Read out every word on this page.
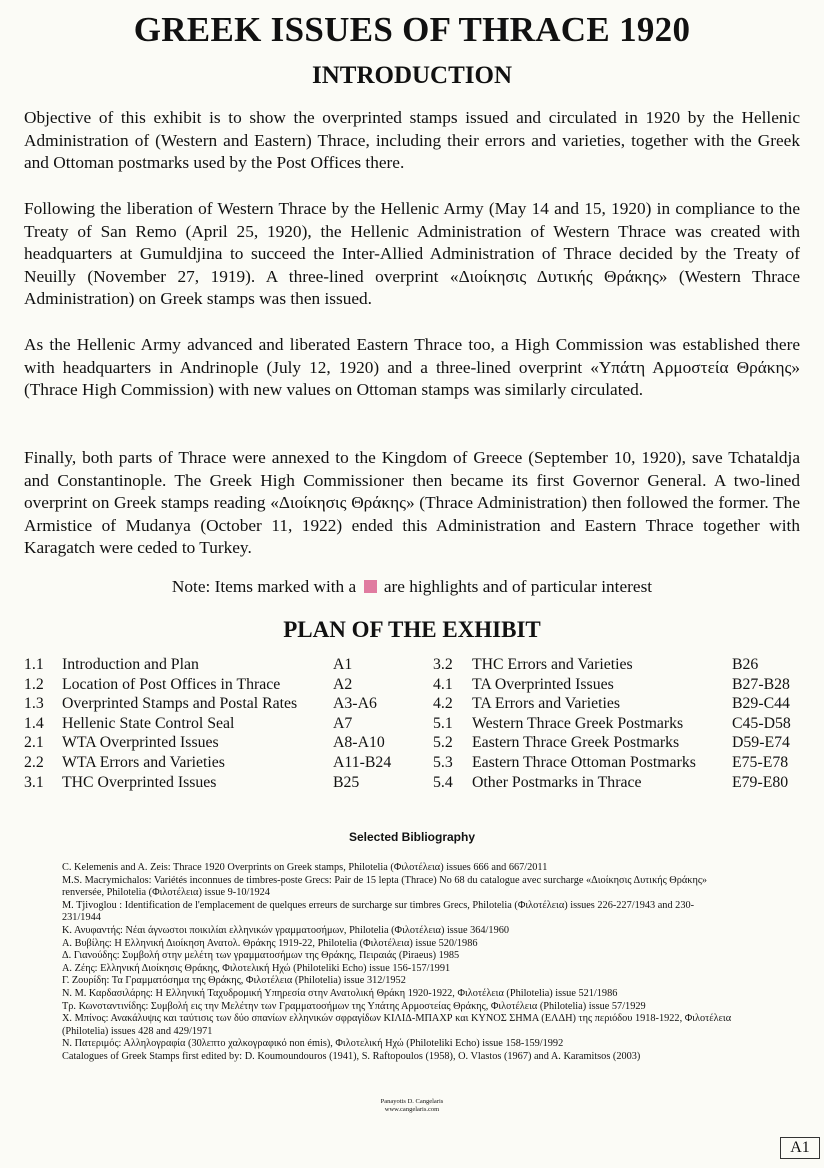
GREEK ISSUES OF THRACE 1920
INTRODUCTION
Objective of this exhibit is to show the overprinted stamps issued and circulated in 1920 by the Hellenic Administration of (Western and Eastern) Thrace, including their errors and varieties, together with the Greek and Ottoman postmarks used by the Post Offices there.
Following the liberation of Western Thrace by the Hellenic Army (May 14 and 15, 1920) in compliance to the Treaty of San Remo (April 25, 1920), the Hellenic Administration of Western Thrace was created with headquarters at Gumuldjina to succeed the Inter-Allied Administration of Thrace decided by the Treaty of Neuilly (November 27, 1919). A three-lined overprint «Διοίκησις Δυτικής Θράκης» (Western Thrace Administration) on Greek stamps was then issued.
As the Hellenic Army advanced and liberated Eastern Thrace too, a High Commission was established there with headquarters in Andrinople (July 12, 1920) and a three-lined overprint «Υπάτη Αρμοστεία Θράκης» (Thrace High Commission) with new values on Ottoman stamps was similarly circulated.
Finally, both parts of Thrace were annexed to the Kingdom of Greece (September 10, 1920), save Tchataldja and Constantinople. The Greek High Commissioner then became its first Governor General. A two-lined overprint on Greek stamps reading «Διοίκησις Θράκης» (Thrace Administration) then followed the former. The Armistice of Mudanya (October 11, 1922) ended this Administration and Eastern Thrace together with Karagatch were ceded to Turkey.
Note: Items marked with a are highlights and of particular interest
PLAN OF THE EXHIBIT
1.1 Introduction and Plan	A1
1.2 Location of Post Offices in Thrace	A2
1.3 Overprinted Stamps and Postal Rates A3-A6
1.4 Hellenic State Control Seal	A7
2.1 WTA Overprinted Issues	A8-A10
2.2 WTA Errors and Varieties	A11-B24
3.1 THC Overprinted Issues	B25
3.2 THC Errors and Varieties	B26
4.1 TA Overprinted Issues	B27-B28
4.2 TA Errors and Varieties	B29-C44
5.1 Western Thrace Greek Postmarks	C45-D58
5.2 Eastern Thrace Greek Postmarks	D59-E74
5.3 Eastern Thrace Ottoman Postmarks E75-E78
5.4 Other Postmarks in Thrace	E79-E80
Selected Bibliography

C. Kelemenis and A. Zeis: Thrace 1920 Overprints on Greek stamps, Philotelia (Φιλοτέλεια) issues 666 and 667/2011

M.S. Macrymichalos: Variétés inconnues de timbres-poste Grecs: Pair de 15 lepta (Thrace) No 68 du catalogue avec surcharge «Διοίκησις Δυτικής Θράκης» renversée, Philotelia (Φιλοτέλεια) issue 9-10/1924

M. Tjivoglou : Identification de l'emplacement de quelques erreurs de surcharge sur timbres Grecs, Philotelia (Φιλοτέλεια) issues 226-227/1943 and 230-231/1944

Κ. Ανυφαντής: Νέαι άγνωστοι ποικιλίαι ελληνικών γραμματοσήμων, Philotelia (Φιλοτέλεια) issue 364/1960

Α. Βυβίλης: Η Ελληνική Διοίκηση Ανατολ. Θράκης 1919-22, Philotelia (Φιλοτέλεια) issue 520/1986

Δ. Γιανούδης: Συμβολή στην μελέτη των γραμματοσήμων της Θράκης, Πειραιάς (Piraeus) 1985

Α. Ζέης: Ελληνική Διοίκησις Θράκης, Φιλοτελική Ηχώ (Philoteliki Echo) issue 156-157/1991

Γ. Ζουρίδη: Τα Γραμματόσημα της Θράκης, Φιλοτέλεια (Philotelia) issue 312/1952

Ν. Μ. Καρδασιλάρης: Η Ελληνική Ταχυδρομική Υπηρεσία στην Ανατολική Θράκη 1920-1922, Φιλοτέλεια (Philotelia) issue 521/1986

Τρ. Κωνσταντινίδης: Συμβολή εις την Μελέτην των Γραμματοσήμων της Υπάτης Αρμοστείας Θράκης, Φιλοτέλεια (Philotelia) issue 57/1929

Χ. Μπίνος: Ανακάλυψις και ταύτισις των δύο σπανίων ελληνικών σφραγίδων ΚΙΛΙΔ-ΜΠΑΧΡ και ΚΥΝΟΣ ΣΗΜΑ (ΕΛΔΗ) της περιόδου 1918-1922, Φιλοτέλεια (Philotelia) issues 428 and 429/1971

Ν. Πατεριμός: Αλληλογραφία (30λεπτο χαλκογραφικό non émis), Φιλοτελική Ηχώ (Philoteliki Echo) issue 158-159/1992

Catalogues of Greek Stamps first edited by: D. Koumoundouros (1941), S. Raftopoulos (1958), O. Vlastos (1967) and A. Karamitsos (2003)

Panayotis D. Cangelaris
www.cangelaris.com
A1
